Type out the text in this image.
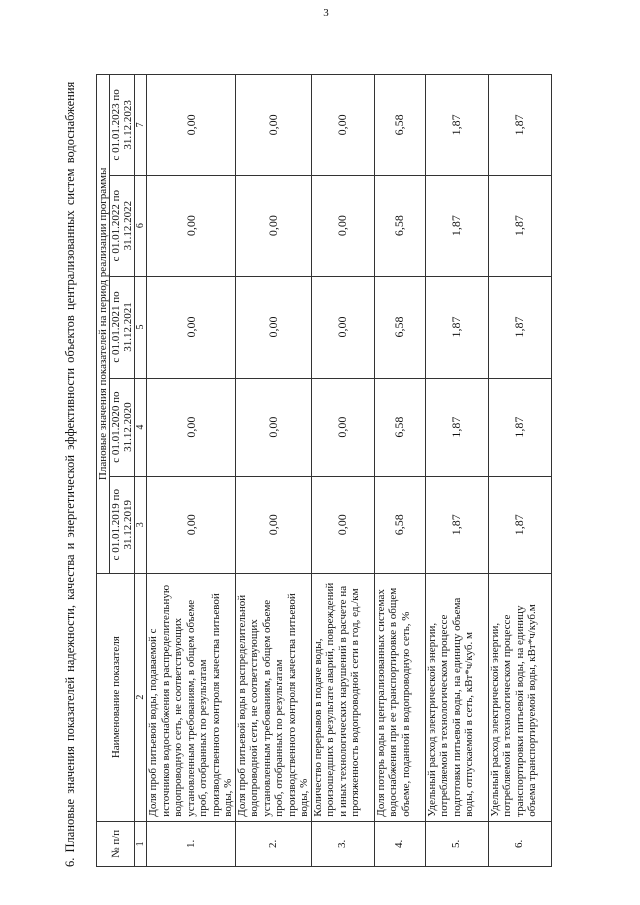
3
6. Плановые значения показателей надежности, качества и энергетической эффективности объектов централизованных систем водоснабжения	№ п/п	Наименование показателя	Плановые значения показателей на период реализации программы				
		с 01.01.2019 по 31.12.2019	с 01.01.2020 по 31.12.2020	с 01.01.2021 по 31.12.2021	с 01.01.2022 по 31.12.2022	с 01.01.2023 по 31.12.2023
1	2	3	4	5	6	7
1.	Доля проб питьевой воды, подаваемой с источников водоснабжения в распределительную водопроводную сеть, не соответствующих установленным требованиям, в общем объеме проб, отобранных по результатам производственного контроля качества питьевой воды, %	0,00	0,00	0,00	0,00	0,00
2.	Доля проб питьевой воды в распределительной водопроводной сети, не соответствующих установленным требованиям, в общем объеме проб, отобранных по результатам производственного контроля качества питьевой воды, %	0,00	0,00	0,00	0,00	0,00
3.	Количество перерывов в подаче воды, произошедших в результате аварий, повреждений и иных технологических нарушений в расчете на протяженность водопроводной сети в год, ед./км	0,00	0,00	0,00	0,00	0,00
4.	Доля потерь воды в централизованных системах водоснабжения при ее транспортировке в общем объеме, поданной в водопроводную сеть, %	6,58	6,58	6,58	6,58	6,58
5.	Удельный расход электрической энергии, потребляемой в технологическом процессе подготовки питьевой воды, на единицу объема воды, отпускаемой в сеть, кВт*ч/куб. м	1,87	1,87	1,87	1,87	1,87
6.	Удельный расход электрической энергии, потребляемой в технологическом процессе транспортировки питьевой воды, на единицу объема транспортируемой воды, кВт*ч/куб.м	1,87	1,87	1,87	1,87	1,87
